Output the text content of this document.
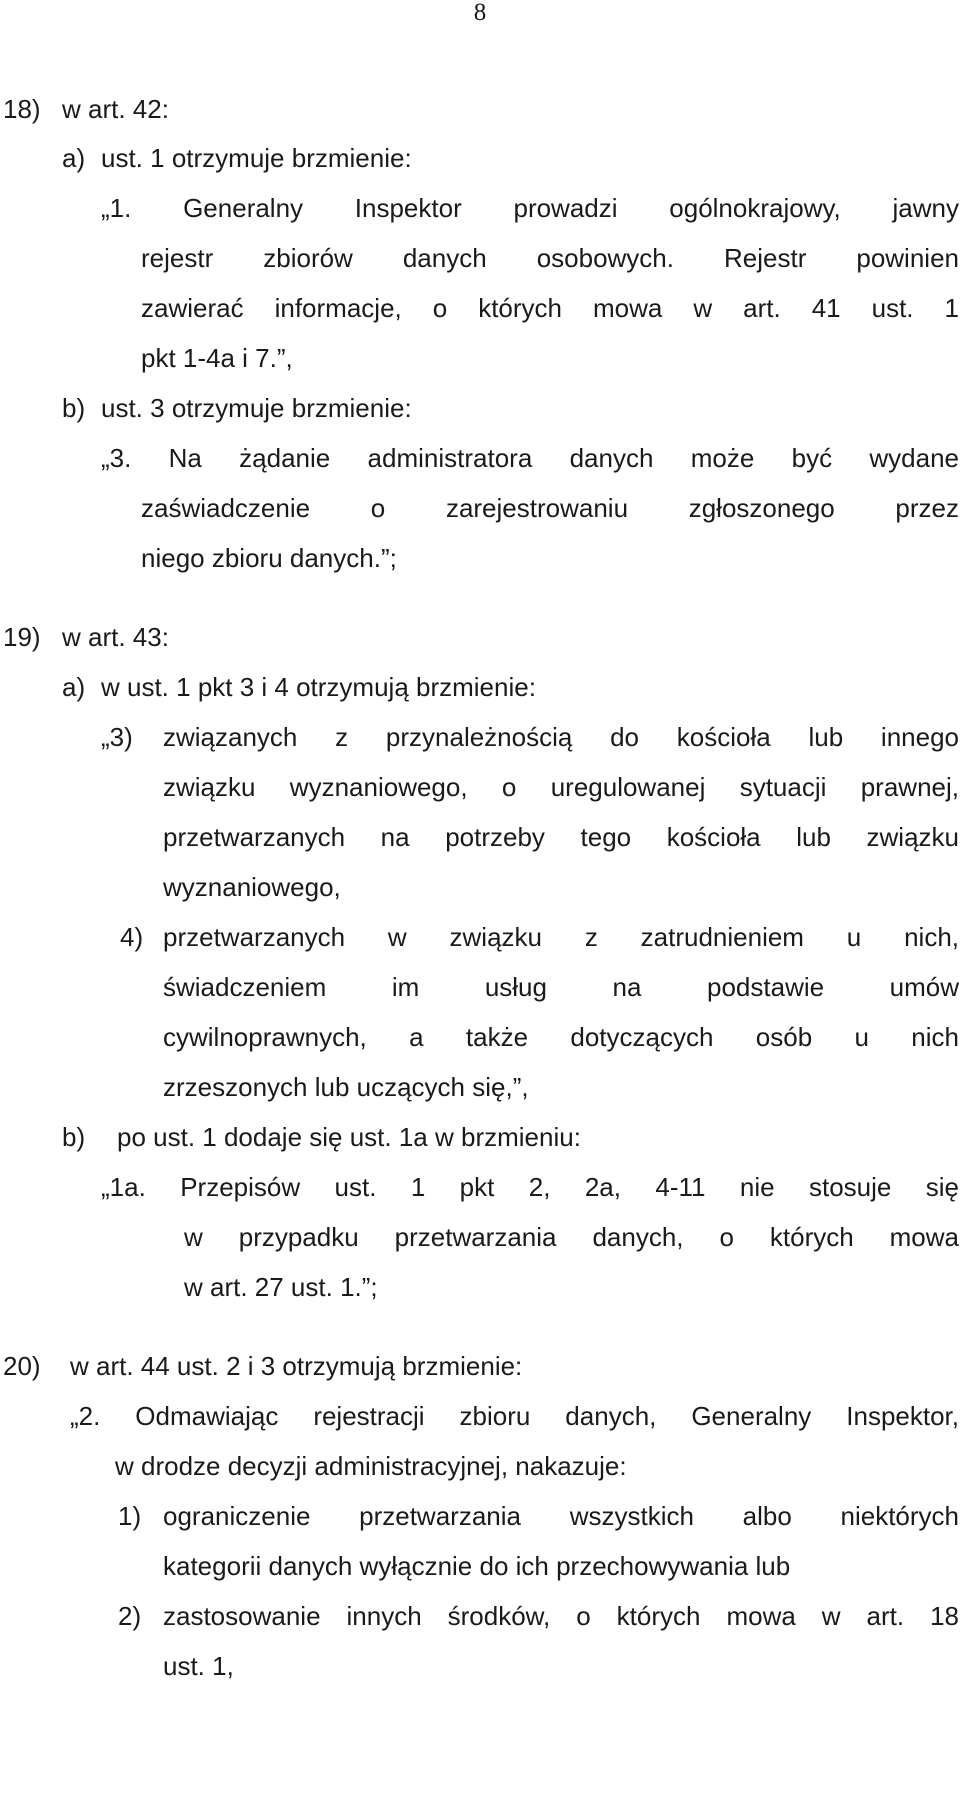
8
18) w art. 42:
a) ust. 1 otrzymuje brzmienie:
„1. Generalny Inspektor prowadzi ogólnokrajowy, jawny
rejestr zbiorów danych osobowych. Rejestr powinien
zawierać informacje, o których mowa w art. 41 ust. 1
pkt 1-4a i 7.”,
b) ust. 3 otrzymuje brzmienie:
„3. Na żądanie administratora danych może być wydane
zaświadczenie o zarejestrowaniu zgłoszonego przez
niego zbioru danych.”;
19) w art. 43:
a) w ust. 1 pkt 3 i 4 otrzymują brzmienie:
„3) związanych z przynależnością do kościoła lub innego
związku wyznaniowego, o uregulowanej sytuacji prawnej,
przetwarzanych na potrzeby tego kościoła lub związku
wyznaniowego,
4) przetwarzanych w związku z zatrudnieniem u nich,
świadczeniem im usług na podstawie umów
cywilnoprawnych, a także dotyczących osób u nich
zrzeszonych lub uczących się,”,
b) po ust. 1 dodaje się ust. 1a w brzmieniu:
„1a. Przepisów ust. 1 pkt 2, 2a, 4-11 nie stosuje się
w przypadku przetwarzania danych, o których mowa
w art. 27 ust. 1.”;
20) w art. 44 ust. 2 i 3 otrzymują brzmienie:
„2. Odmawiając rejestracji zbioru danych, Generalny Inspektor,
w drodze decyzji administracyjnej, nakazuje:
1) ograniczenie przetwarzania wszystkich albo niektórych
kategorii danych wyłącznie do ich przechowywania lub
2) zastosowanie innych środków, o których mowa w art. 18
ust. 1,
